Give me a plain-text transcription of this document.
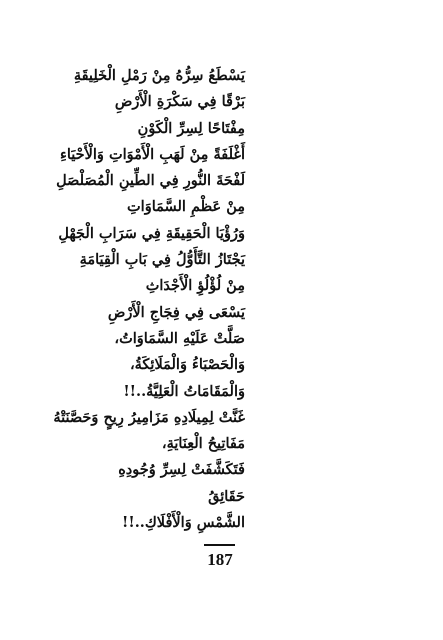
يَسْطَعُ سِرُّهُ مِنْ رَمْلِ الْخَلِيقَةِ
بَرْقًا فِي سَكْرَةِ الْأَرْضِ
مِفْتَاحًا لِسِرِّ الْكَوْنِ
أَغْلَفَةً مِنْ لَهَبِ الْأَمْوَاتِ وَالْأَحْيَاءِ
لَفْحَةَ النُّورِ فِي الطِّينِ الْمُصَلْصَلِ
مِنْ عَظْمِ السَّمَاوَاتِ
وَرُؤْيَا الْحَقِيقَةِ فِي سَرَابِ الْجَهْلِ
يَجْتَازُ التَّأَوُّلُ فِي بَابِ الْقِيَامَةِ
مِنْ لُؤْلُؤِ الْأَجْدَاثِ
يَسْعَى فِي فِجَاجِ الْأَرْضِ
صَلَّتْ عَلَيْهِ السَّمَاوَاتُ،
وَالْحَصْبَاءُ وَالْمَلَائِكَةُ،
وَالْمَقَامَاتُ الْعَلِيَّةُ..!!
غَنَّتْ لِمِيلَادِهِ مَزَامِيرُ رِيحٍ وَحَصَّنَتْهُ
مَفَاتِيحُ الْعِنَايَةِ،
فَتَكَشَّفَتْ لِسِرِّ وُجُودِهِ
حَقَائِقُ
الشَّمْسِ وَالْأَفْلَاكِ..!!
187
